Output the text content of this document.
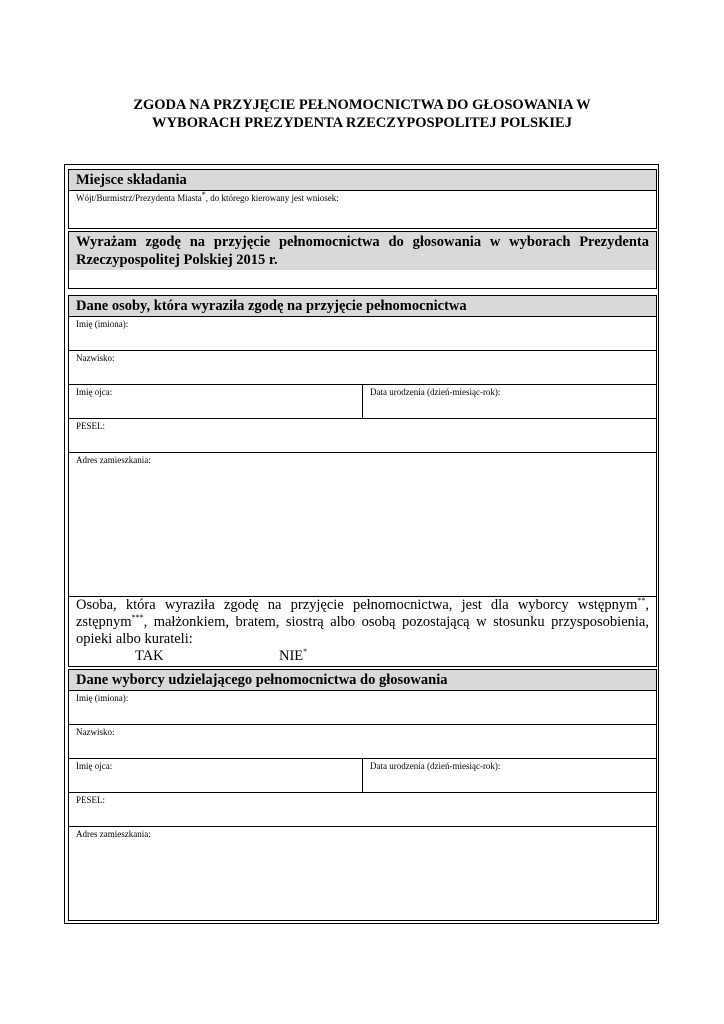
ZGODA NA PRZYJĘCIE PEŁNOMOCNICTWA DO GŁOSOWANIA W
WYBORACH PREZYDENTA RZECZYPOSPOLITEJ POLSKIEJ
Miejsce składania
Wójt/Burmistrz/Prezydenta Miasta*, do którego kierowany jest wniosek:
Wyrażam zgodę na przyjęcie pełnomocnictwa do głosowania w wyborach Prezydenta Rzeczypospolitej Polskiej 2015 r.
Dane osoby, która wyraziła zgodę na przyjęcie pełnomocnictwa
Imię (imiona):
Nazwisko:
Imię ojca:	Data urodzenia (dzień-miesiąc-rok):
PESEL:
Adres zamieszkania:
Osoba, która wyraziła zgodę na przyjęcie pełnomocnictwa, jest dla wyborcy wstępnym**, zstępnym***, małżonkiem, bratem, siostrą albo osobą pozostającą w stosunku przysposobienia, opieki albo kurateli:
TAK	NIE*
Dane wyborcy udzielającego pełnomocnictwa do głosowania
Imię (imiona):
Nazwisko:
Imię ojca:	Data urodzenia (dzień-miesiąc-rok):
PESEL:
Adres zamieszkania:
